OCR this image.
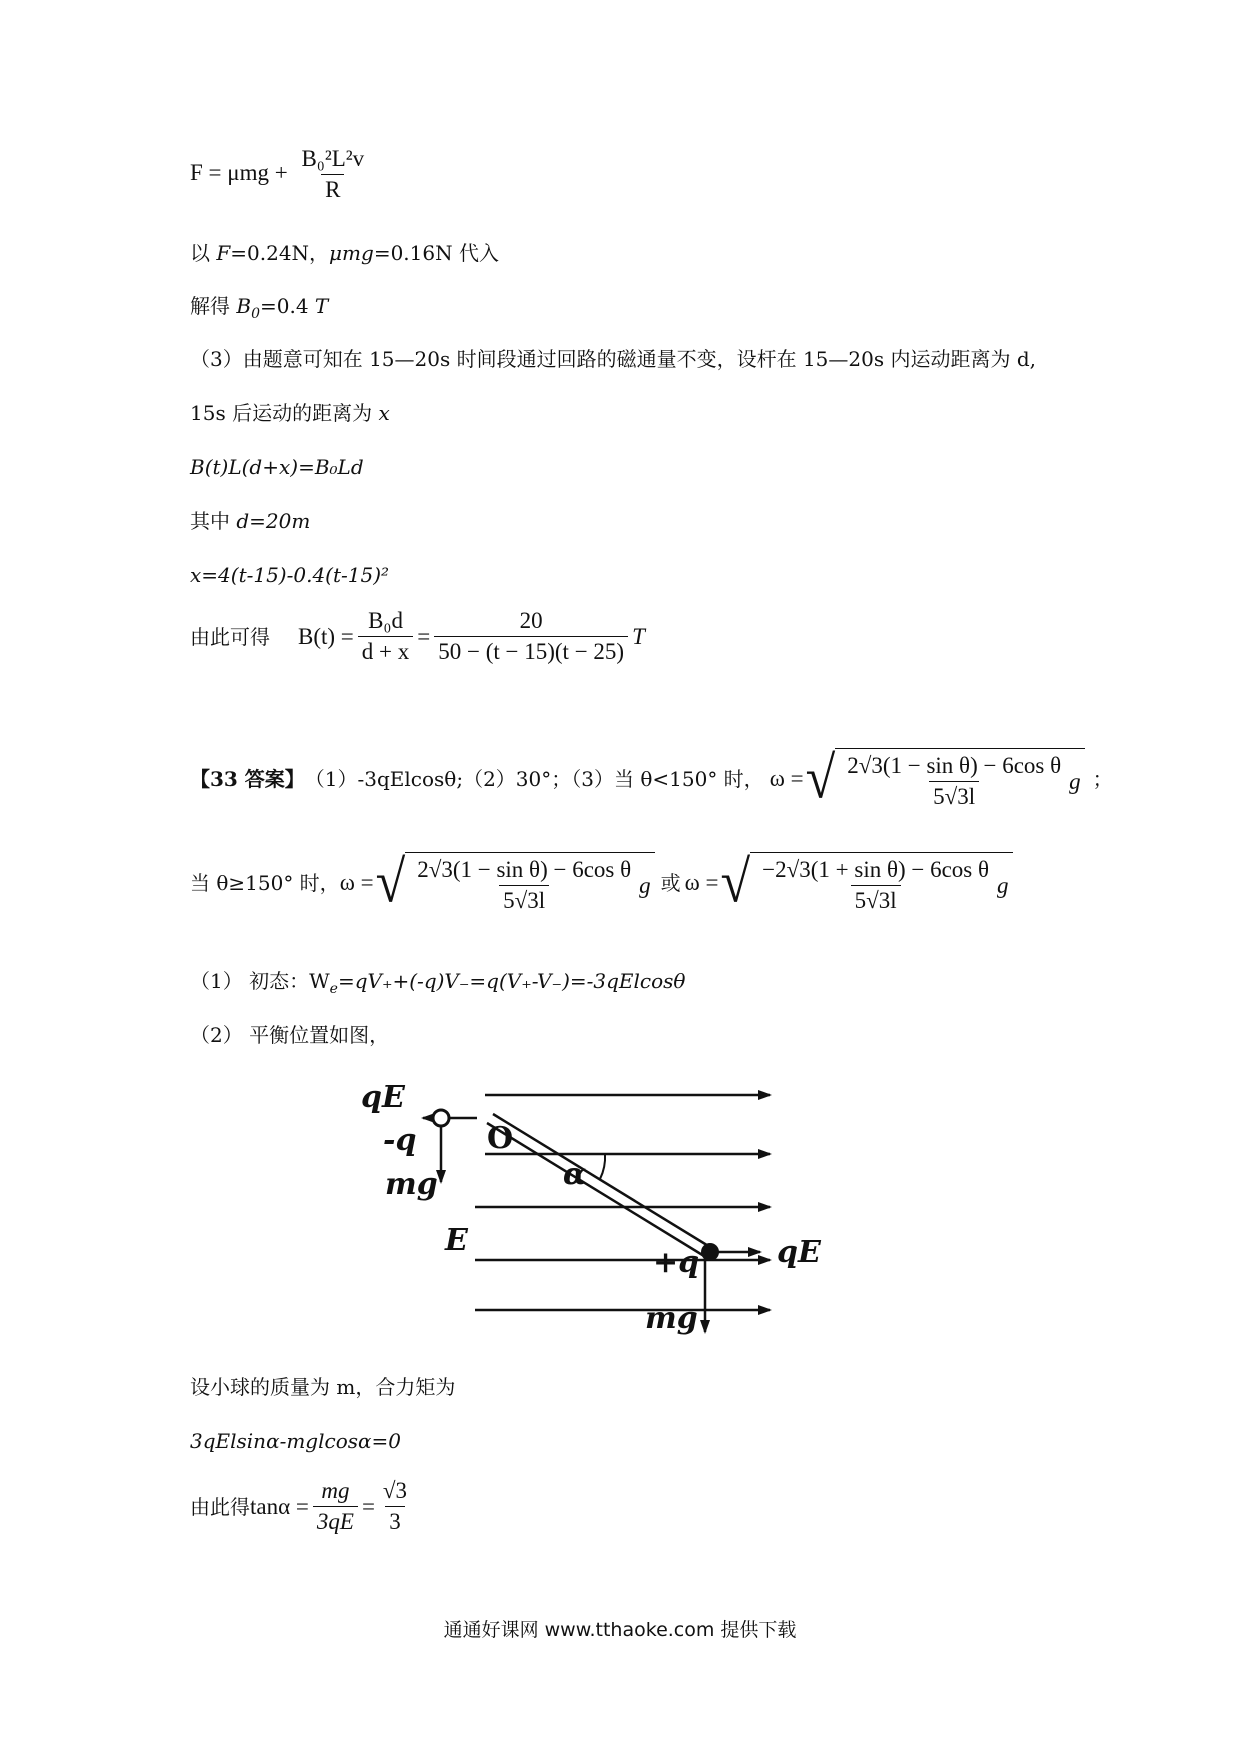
$F = \mu mg + \frac{\text{B₀²L²v}}{R}$
以 F=0.24N，μmg=0.16N 代入
解得 $B_0=0.4$ T
（3）由题意可知在 15—20s 时间段通过回路的磁通量不变，设杆在 15—20s 内运动距离为 d,
15s 后运动的距离为 x
B(t)L(d+x)=B₀Ld
其中 d=20m
x=4(t-15)-0.4(t-15)²
由此可得 $B(t) = \frac{\text{B₀d}}{d + x} = \frac{20}{50 - (t - 15)(t - 25)}$ T
【33 答案】 （1）-3qElcosθ;（2）30°；（3）当 θ<150° 时， ω = √ $\frac{\text{2√3(1 − sin θ) − 6cos θ}}{5√3l}$ g ；
当 θ≥150° 时， ω = √ $\frac{\text{2√3(1 − sin θ) − 6cos θ}}{5√3l}$ g 或 ω = √ $\frac{\text{−2√3(1 + sin θ) − 6cos θ}}{5√3l}$ g
（1） 初态：$W_e=qV_++(-q)V_-=q(V_+-V_-)=-3qElcos\theta$
（2） 平衡位置如图，
qE
-q O
α
mg
E
+q	qE
mg
设小球的质量为 m，合力矩为
3qElsinα-mglcosα=0
由此得 $\tan\alpha = \frac{mg}{3qE} = \frac{√3}{3}$
通通好课网 www.tthaoke.com 提供下载
